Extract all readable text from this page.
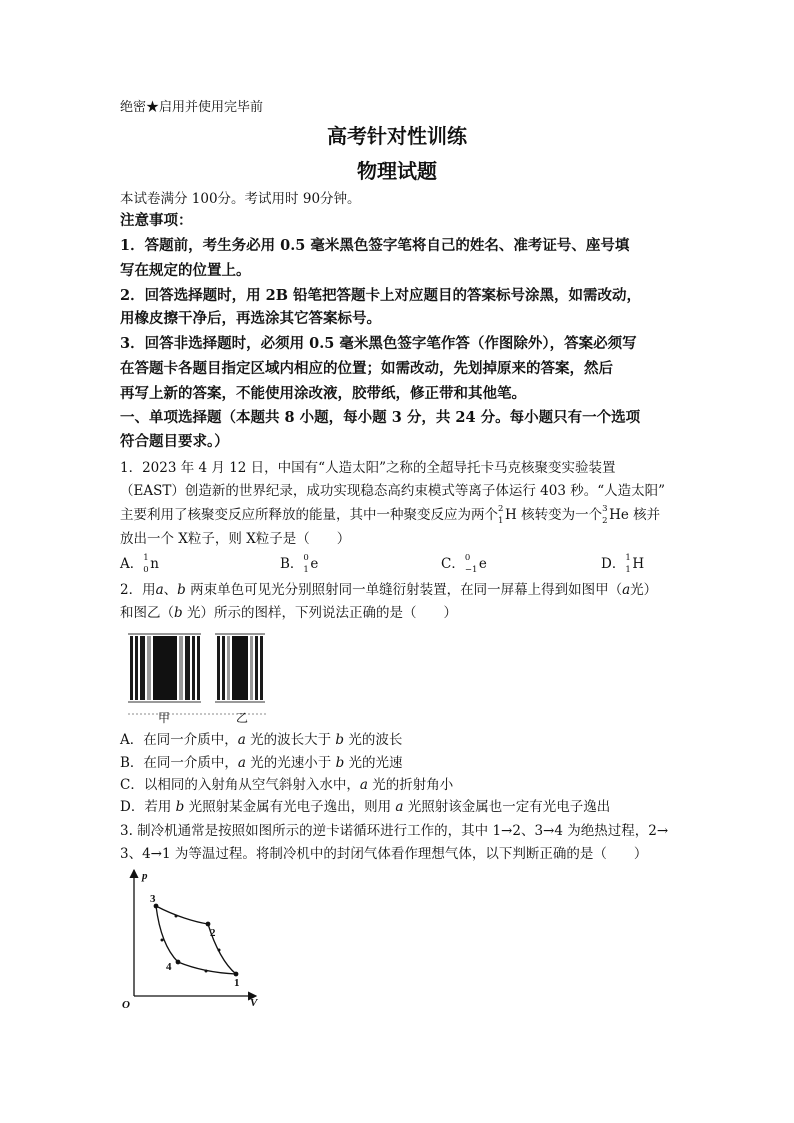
绝密★启用并使用完毕前
高考针对性训练
物理试题
本试卷满分 100分。考试用时 90分钟。
注意事项：
1．答题前，考生务必用 0.5 毫米黑色签字笔将自己的姓名、准考证号、座号填
写在规定的位置上。
2．回答选择题时，用 2B 铅笔把答题卡上对应题目的答案标号涂黑，如需改动，
用橡皮擦干净后，再选涂其它答案标号。
3．回答非选择题时，必须用 0.5 毫米黑色签字笔作答（作图除外），答案必须写
在答题卡各题目指定区域内相应的位置；如需改动，先划掉原来的答案，然后
再写上新的答案，不能使用涂改液，胶带纸，修正带和其他笔。
一、单项选择题（本题共 8 小题，每小题 3 分，共 24 分。每小题只有一个选项
符合题目要求。）
1．2023 年 4 月 12 日，中国有“人造太阳”之称的全超导托卡马克核聚变实验装置
（EAST）创造新的世界纪录，成功实现稳态高约束模式等离子体运行 403 秒。“人造太阳”
主要利用了核聚变反应所释放的能量，其中一种聚变反应为两个 2
1 H 核转变为一个 3
2 He 核并
放出一个 X粒子，则 X粒子是（　　）
A． 1
0 n	B． 0
1 e	C． 0
−1 e	D． 1
1 H
2．用a、b 两束单色可见光分别照射同一单缝衍射装置，在同一屏幕上得到如图甲（a光）
和图乙（b 光）所示的图样，下列说法正确的是（　　）
甲	乙
A．在同一介质中，a 光的波长大于 b 光的波长
B．在同一介质中，a 光的光速小于 b 光的光速
C．以相同的入射角从空气斜射入水中，a 光的折射角小
D．若用 b 光照射某金属有光电子逸出，则用 a 光照射该金属也一定有光电子逸出
3. 制冷机通常是按照如图所示的逆卡诺循环进行工作的，其中 1→2、3→4 为绝热过程，2→
3、4→1 为等温过程。将制冷机中的封闭气体看作理想气体，以下判断正确的是（　　）
p
V
O
3
2
1
4
